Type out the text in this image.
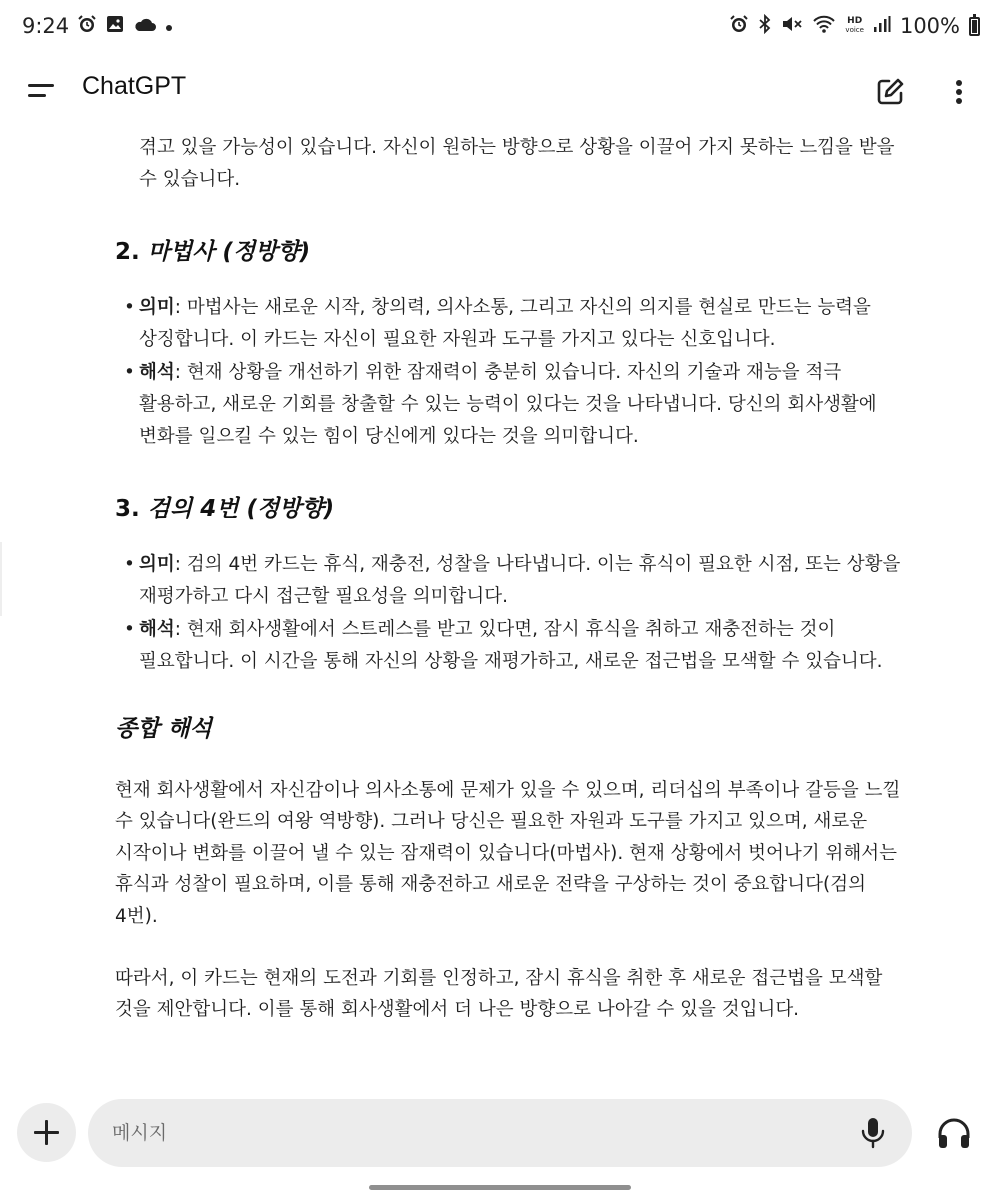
9:24	HD
voice 100%
ChatGPT

겪고 있을 가능성이 있습니다. 자신이 원하는 방향으로 상황을 이끌어 가지 못하는 느낌을 받을

수 있습니다.

2. 마법사 (정방향)
• 의미: 마법사는 새로운 시작, 창의력, 의사소통, 그리고 자신의 의지를 현실로 만드는 능력을
상징합니다. 이 카드는 자신이 필요한 자원과 도구를 가지고 있다는 신호입니다.
• 해석: 현재 상황을 개선하기 위한 잠재력이 충분히 있습니다. 자신의 기술과 재능을 적극
활용하고, 새로운 기회를 창출할 수 있는 능력이 있다는 것을 나타냅니다. 당신의 회사생활에
변화를 일으킬 수 있는 힘이 당신에게 있다는 것을 의미합니다.
3. 검의 4번 (정방향)
• 의미: 검의 4번 카드는 휴식, 재충전, 성찰을 나타냅니다. 이는 휴식이 필요한 시점, 또는 상황을
재평가하고 다시 접근할 필요성을 의미합니다.
• 해석: 현재 회사생활에서 스트레스를 받고 있다면, 잠시 휴식을 취하고 재충전하는 것이
필요합니다. 이 시간을 통해 자신의 상황을 재평가하고, 새로운 접근법을 모색할 수 있습니다.
종합 해석
현재 회사생활에서 자신감이나 의사소통에 문제가 있을 수 있으며, 리더십의 부족이나 갈등을 느낄
수 있습니다(완드의 여왕 역방향). 그러나 당신은 필요한 자원과 도구를 가지고 있으며, 새로운
시작이나 변화를 이끌어 낼 수 있는 잠재력이 있습니다(마법사). 현재 상황에서 벗어나기 위해서는
휴식과 성찰이 필요하며, 이를 통해 재충전하고 새로운 전략을 구상하는 것이 중요합니다(검의
4번).
따라서, 이 카드는 현재의 도전과 기회를 인정하고, 잠시 휴식을 취한 후 새로운 접근법을 모색할
것을 제안합니다. 이를 통해 회사생활에서 더 나은 방향으로 나아갈 수 있을 것입니다.
메시지
